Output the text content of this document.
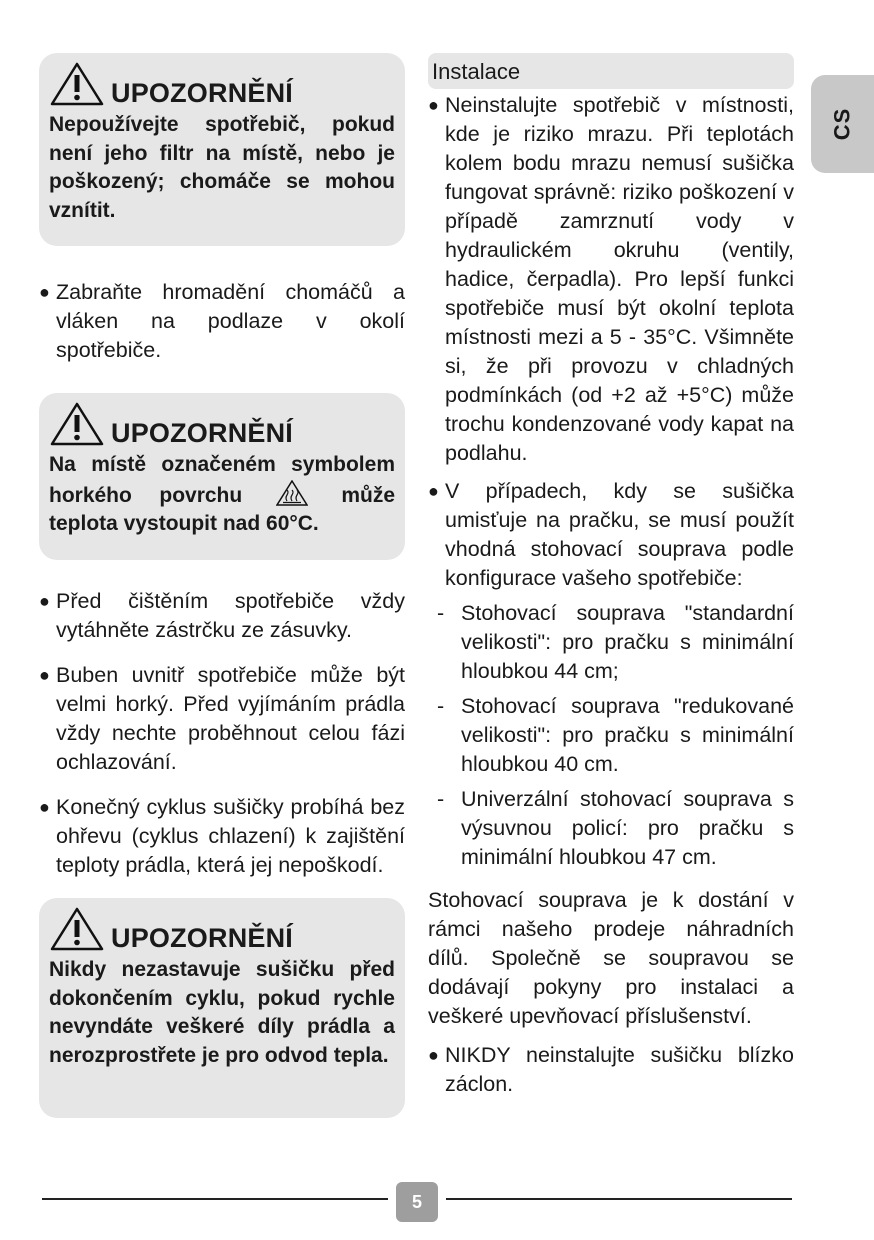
UPOZORNĚNÍ
Nepoužívejte spotřebič, pokud není jeho filtr na místě, nebo je poškozený; chomáče se mohou vznítit.
● Zabraňte hromadění chomáčů a vláken na podlaze v okolí spotřebiče.
UPOZORNĚNÍ
Na místě označeném symbolem horkého povrchu	může teplota vystoupit nad 60°C.
● Před čištěním spotřebiče vždy vytáhněte zástrčku ze zásuvky.
● Buben uvnitř spotřebiče může být velmi horký. Před vyjímáním prádla vždy nechte proběhnout celou fázi ochlazování.
● Konečný cyklus sušičky probíhá bez ohřevu (cyklus chlazení) k zajištění teploty prádla, která jej nepoškodí.
UPOZORNĚNÍ
Nikdy nezastavuje sušičku před dokončením cyklu, pokud rychle nevyndáte veškeré díly prádla a nerozprostřete je pro odvod tepla.
Instalace
● Neinstalujte spotřebič v místnosti, kde je riziko mrazu. Při teplotách kolem bodu mrazu nemusí sušička fungovat správně: riziko poškození v případě zamrznutí vody v hydraulickém okruhu (ventily, hadice, čerpadla). Pro lepší funkci spotřebiče musí být okolní teplota místnosti mezi a 5 - 35°C. Všimněte si, že při provozu v chladných podmínkách (od +2 až +5°C) může trochu kondenzované vody kapat na podlahu.
● V případech, kdy se sušička umisťuje na pračku, se musí použít vhodná stohovací souprava podle konfigurace vašeho spotřebiče:
- Stohovací souprava "standardní velikosti": pro pračku s minimální hloubkou 44 cm;
- Stohovací souprava "redukované velikosti": pro pračku s minimální hloubkou 40 cm.
- Univerzální stohovací souprava s výsuvnou policí: pro pračku s minimální hloubkou 47 cm.
Stohovací souprava je k dostání v rámci našeho prodeje náhradních dílů. Společně se soupravou se dodávají pokyny pro instalaci a veškeré upevňovací příslušenství.
● NIKDY neinstalujte sušičku blízko záclon.
CS
5
